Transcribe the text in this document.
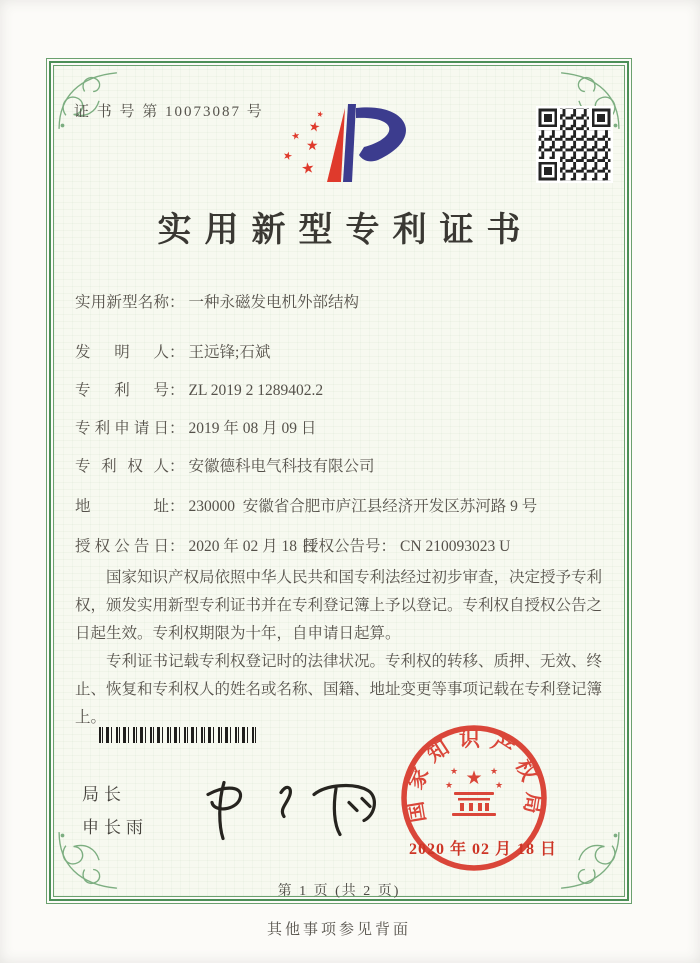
证 书 号 第 10073087 号	★
★
★
★
★
★
实用新型专利证书
实用新型名称： 一种永磁发电机外部结构
发明人： 王远锋;石斌
专利号： ZL 2019 2 1289402.2
专利申请日： 2019 年 08 月 09 日
专利权人： 安徽德科电气科技有限公司
地址： 230000  安徽省合肥市庐江县经济开发区苏河路 9 号
授权公告日： 2020 年 02 月 18 日
授权公告号： CN 210093023 U

国家知识产权局依照中华人民共和国专利法经过初步审查，决定授予专利权，颁发实用新型专利证书并在专利登记簿上予以登记。专利权自授权公告之日起生效。专利权期限为十年，自申请日起算。

专利证书记载专利权登记时的法律状况。专利权的转移、质押、无效、终止、恢复和专利权人的姓名或名称、国籍、地址变更等事项记载在专利登记簿上。

局长
申长雨
国家知识产权局
★
★	★
★	★
2020 年 02 月 18 日
第 1 页 (共 2 页)
其他事项参见背面
